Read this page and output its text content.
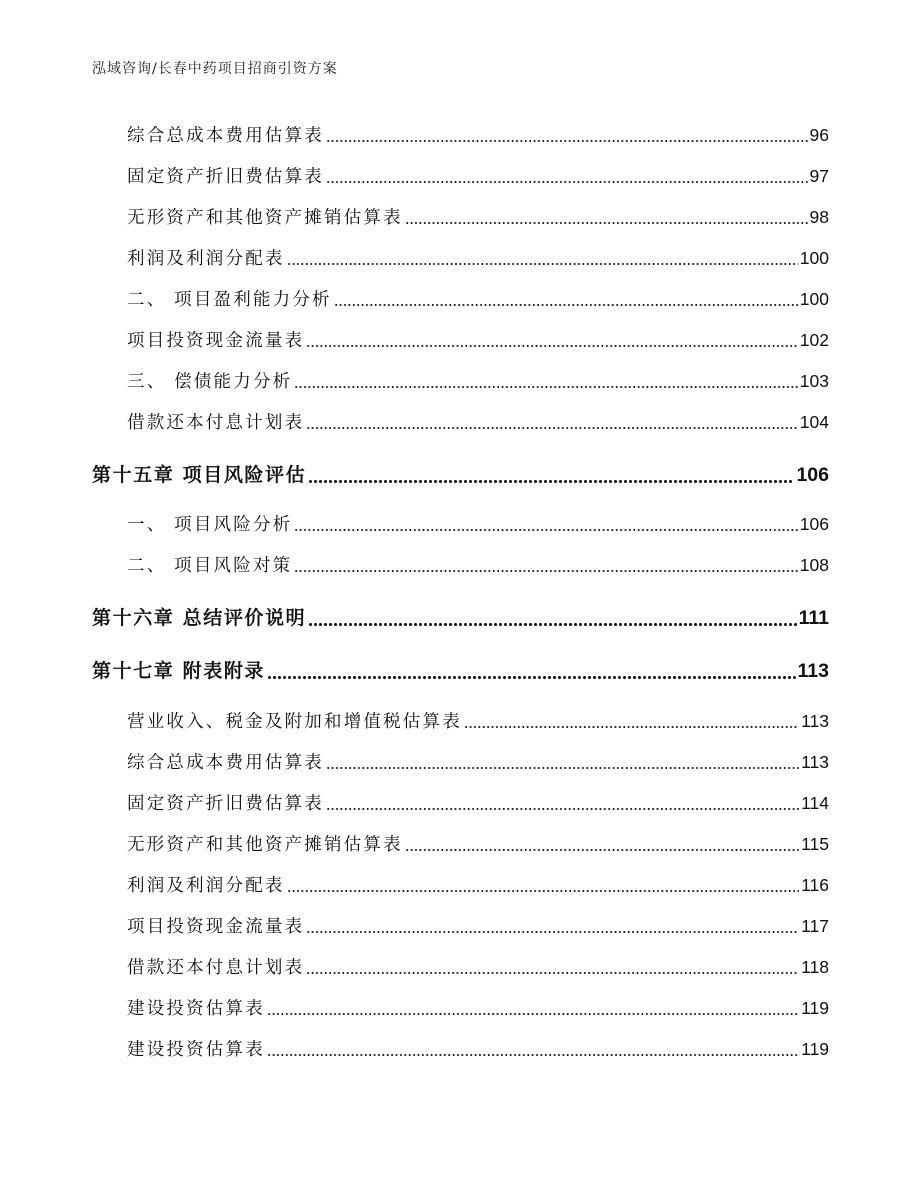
泓域咨询/长春中药项目招商引资方案
综合总成本费用估算表	96
固定资产折旧费估算表	97
无形资产和其他资产摊销估算表	98
利润及利润分配表	100
二、 项目盈利能力分析	100
项目投资现金流量表	102
三、 偿债能力分析	103
借款还本付息计划表	104
第十五章 项目风险评估	106
一、 项目风险分析	106
二、 项目风险对策	108
第十六章 总结评价说明	111
第十七章 附表附录	113
营业收入、税金及附加和增值税估算表	113
综合总成本费用估算表	113
固定资产折旧费估算表	114
无形资产和其他资产摊销估算表	115
利润及利润分配表	116
项目投资现金流量表	117
借款还本付息计划表	118
建设投资估算表	119
建设投资估算表	119
